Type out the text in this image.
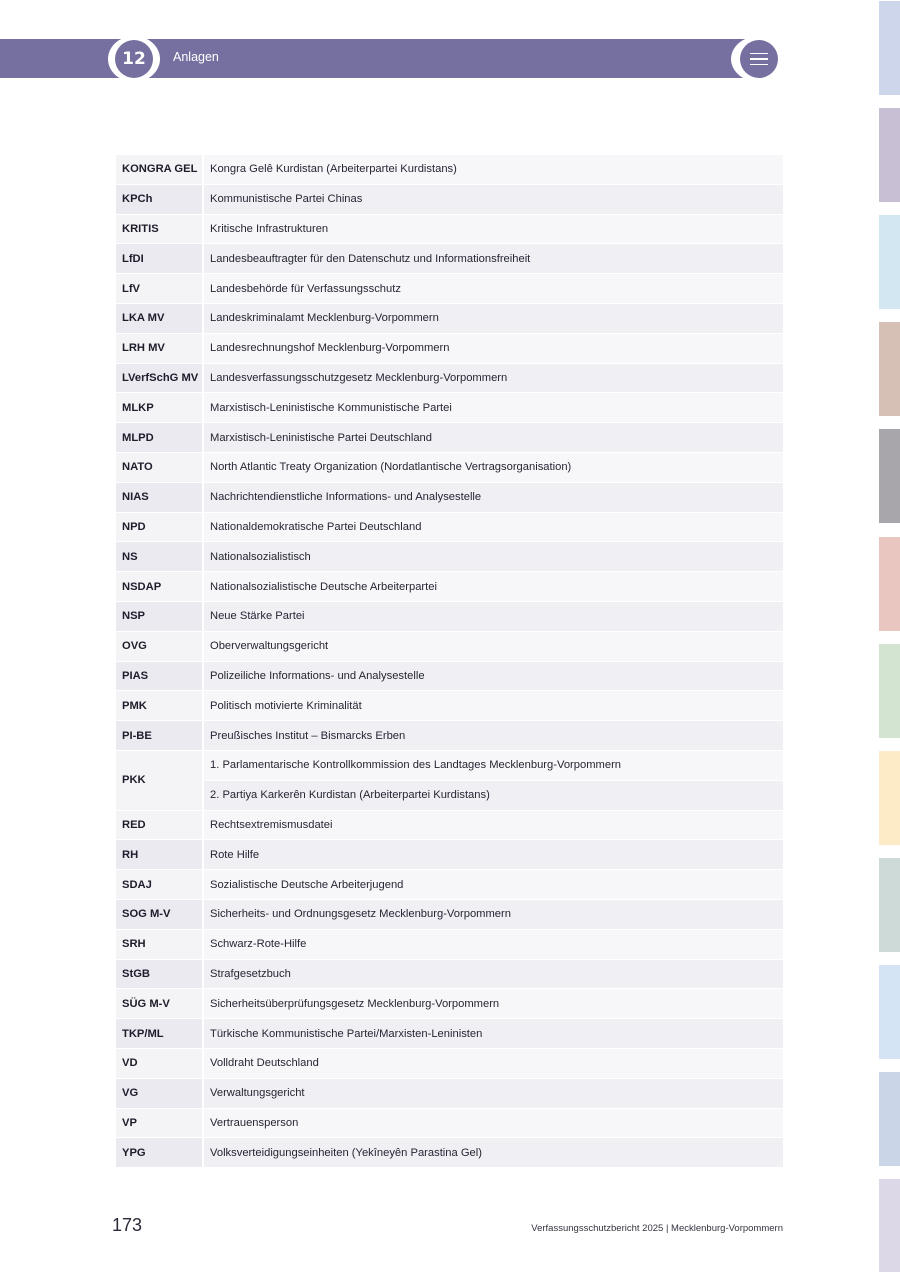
12	Anlagen
KONGRA GEL	Kongra Gelê Kurdistan (Arbeiterpartei Kurdistans)
KPCh	Kommunistische Partei Chinas
KRITIS	Kritische Infrastrukturen
LfDI	Landesbeauftragter für den Datenschutz und Informationsfreiheit
LfV	Landesbehörde für Verfassungsschutz
LKA MV	Landeskriminalamt Mecklenburg-Vorpommern
LRH MV	Landesrechnungshof Mecklenburg-Vorpommern
LVerfSchG MV	Landesverfassungsschutzgesetz Mecklenburg-Vorpommern
MLKP	Marxistisch-Leninistische Kommunistische Partei
MLPD	Marxistisch-Leninistische Partei Deutschland
NATO	North Atlantic Treaty Organization (Nordatlantische Vertragsorganisation)
NIAS	Nachrichtendienstliche Informations- und Analysestelle
NPD	Nationaldemokratische Partei Deutschland
NS	Nationalsozialistisch
NSDAP	Nationalsozialistische Deutsche Arbeiterpartei
NSP	Neue Stärke Partei
OVG	Oberverwaltungsgericht
PIAS	Polizeiliche Informations- und Analysestelle
PMK	Politisch motivierte Kriminalität
PI-BE	Preußisches Institut – Bismarcks Erben
PKK	1. Parlamentarische Kontrollkommission des Landtages Mecklenburg-Vorpommern
	2. Partiya Karkerên Kurdistan (Arbeiterpartei Kurdistans)
RED	Rechtsextremismusdatei
RH	Rote Hilfe
SDAJ	Sozialistische Deutsche Arbeiterjugend
SOG M-V	Sicherheits- und Ordnungsgesetz Mecklenburg-Vorpommern
SRH	Schwarz-Rote-Hilfe
StGB	Strafgesetzbuch
SÜG M-V	Sicherheitsüberprüfungsgesetz Mecklenburg-Vorpommern
TKP/ML	Türkische Kommunistische Partei/Marxisten-Leninisten
VD	Volldraht Deutschland
VG	Verwaltungsgericht
VP	Vertrauensperson
YPG	Volksverteidigungseinheiten (Yekîneyên Parastina Gel)
173	Verfassungsschutzbericht 2025 | Mecklenburg-Vorpommern
